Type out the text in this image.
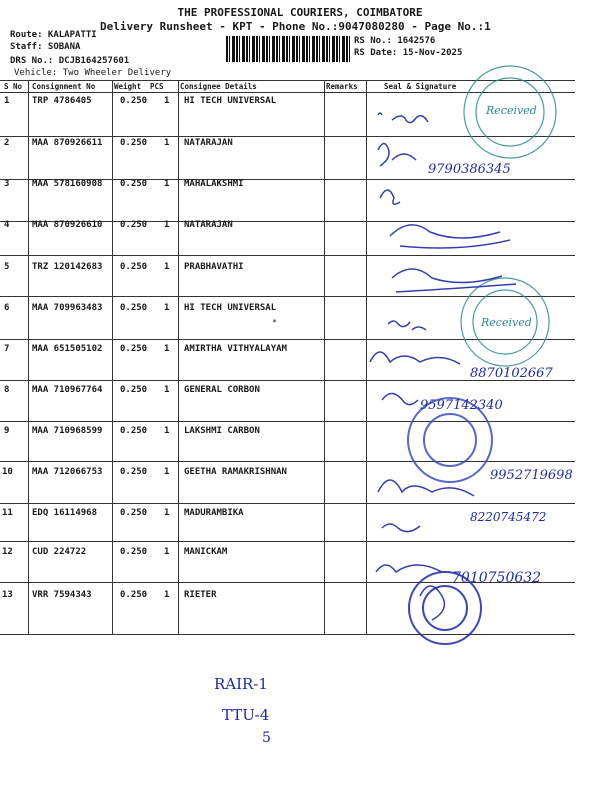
THE PROFESSIONAL COURIERS, COIMBATORE
Delivery Runsheet - KPT - Phone No.:9047080280 - Page No.:1
Route: KALAPATTI
Staff: SOBANA
DRS No.: DCJB164257601
Vehicle: Two Wheeler Delivery
RS No.: 1642576
RS Date: 15-Nov-2025
S No Consignment No	Weight PCS Consignee Details	Remarks	Seal & Signature
1	TRP 4786405	0.250 1 HI TECH UNIVERSAL
2	MAA 870926611 0.250 1 NATARAJAN
3	MAA 578160908 0.250 1 MAHALAKSHMI
4	MAA 870926610 0.250 1 NATARAJAN
5	TRZ 120142683 0.250 1 PRABHAVATHI
6	MAA 709963483 0.250 1 HI TECH UNIVERSAL
7	MAA 651505102 0.250 1 AMIRTHA VITHYALAYAM
8	MAA 710967764 0.250 1 GENERAL CORBON
9	MAA 710968599 0.250 1 LAKSHMI CARBON
10 MAA 712066753 0.250 1 GEETHA RAMAKRISHNAN
11 EDQ 16114968	0.250 1 MADURAMBIKA
12 CUD 224722	0.250 1 MANICKAM
13 VRR 7594343	0.250 1 RIETER
*
Received
Received
9790386345
8870102667
9597142340
9952719698
8220745472
7010750632
RAIR-1
TTU-4
5
